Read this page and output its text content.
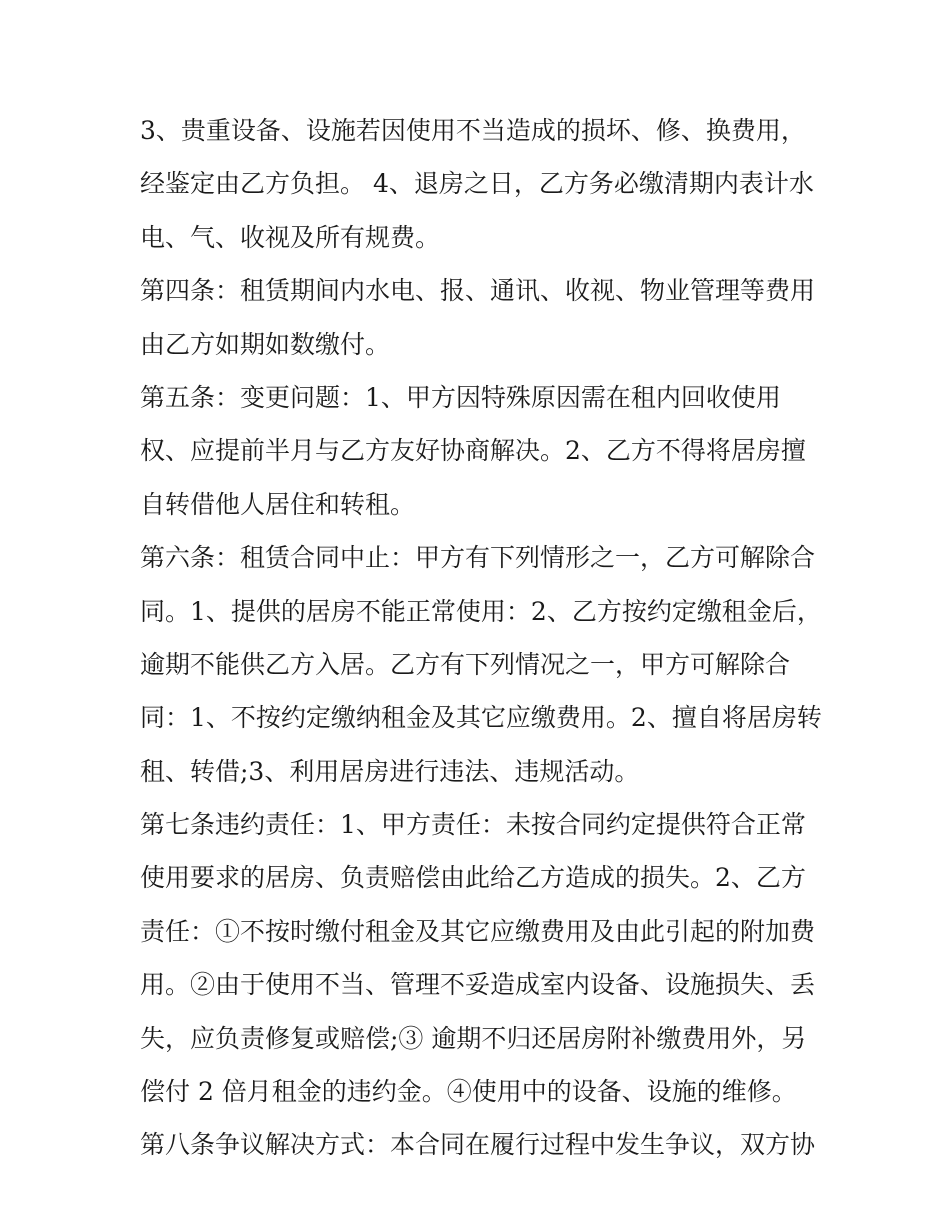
3、贵重设备、设施若因使用不当造成的损坏、修、换费用，
经鉴定由乙方负担。 4、退房之日，乙方务必缴清期内表计水
电、气、收视及所有规费。
第四条：租赁期间内水电、报、通讯、收视、物业管理等费用
由乙方如期如数缴付。
第五条：变更问题：1、甲方因特殊原因需在租内回收使用
权、应提前半月与乙方友好协商解决。2、乙方不得将居房擅
自转借他人居住和转租。
第六条：租赁合同中止：甲方有下列情形之一，乙方可解除合
同。1、提供的居房不能正常使用：2、乙方按约定缴租金后，
逾期不能供乙方入居。乙方有下列情况之一，甲方可解除合
同：1、不按约定缴纳租金及其它应缴费用。2、擅自将居房转
租、转借;3、利用居房进行违法、违规活动。
第七条违约责任：1、甲方责任：未按合同约定提供符合正常
使用要求的居房、负责赔偿由此给乙方造成的损失。2、乙方
责任：①不按时缴付租金及其它应缴费用及由此引起的附加费
用。②由于使用不当、管理不妥造成室内设备、设施损失、丢
失，应负责修复或赔偿;③ 逾期不归还居房附补缴费用外，另
偿付 2 倍月租金的违约金。④使用中的设备、设施的维修。
第八条争议解决方式：本合同在履行过程中发生争议，双方协
